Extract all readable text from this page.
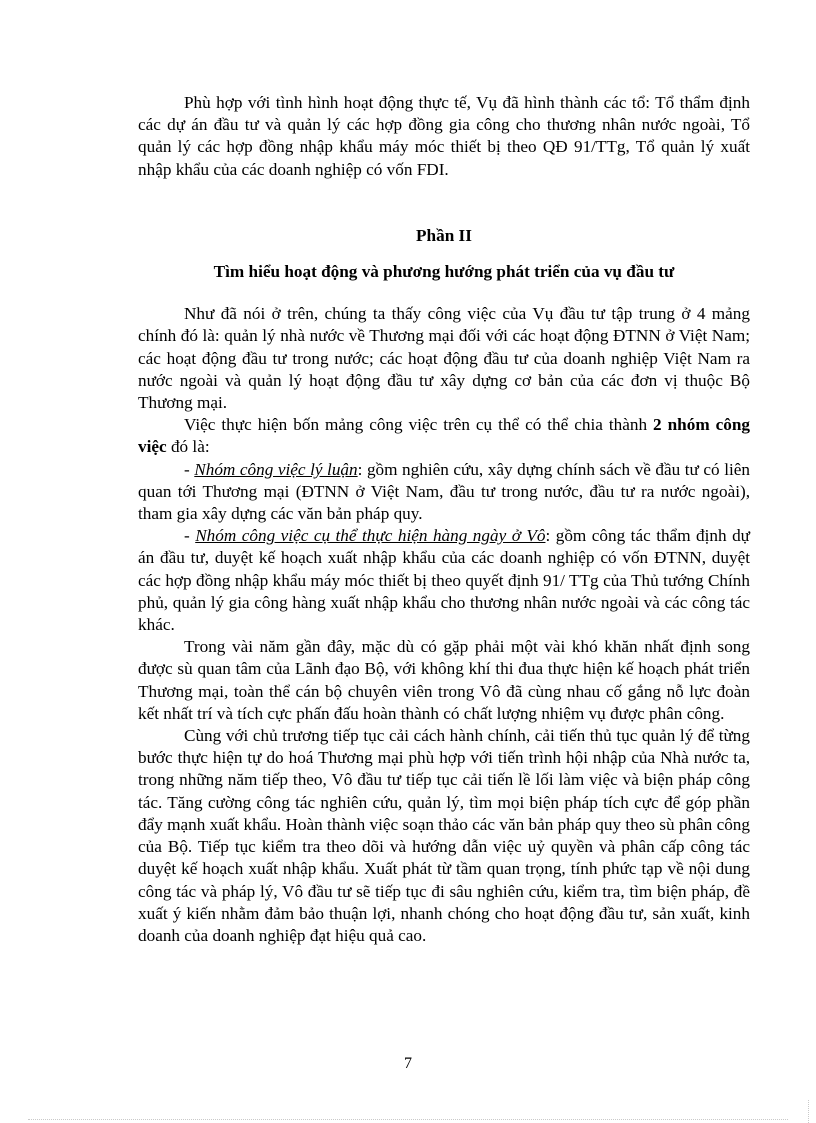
Phù hợp với tình hình hoạt động thực tế, Vụ đã hình thành các tổ: Tổ thẩm định các dự án đầu tư và quản lý các hợp đồng gia công cho thương nhân nước ngoài, Tổ quản lý các hợp đồng nhập khẩu máy móc thiết bị theo QĐ 91/TTg, Tổ quản lý xuất nhập khẩu của các doanh nghiệp có vốn FDI.

Phần II

Tìm hiểu hoạt động và phương hướng phát triển của vụ đầu tư

Như đã nói ở trên, chúng ta thấy công việc của Vụ đầu tư tập trung ở 4 mảng chính đó là: quản lý nhà nước về Thương mại đối với các hoạt động ĐTNN ở Việt Nam; các hoạt động đầu tư trong nước; các hoạt động đầu tư của doanh nghiệp Việt Nam ra nước ngoài và quản lý hoạt động đầu tư xây dựng cơ bản của các đơn vị thuộc Bộ Thương mại.

Việc thực hiện bốn mảng công việc trên cụ thể có thể chia thành 2 nhóm công việc đó là:

- Nhóm công việc lý luận: gồm nghiên cứu, xây dựng chính sách về đầu tư có liên quan tới Thương mại (ĐTNN ở Việt Nam, đầu tư trong nước, đầu tư ra nước ngoài), tham gia xây dựng các văn bản pháp quy.

- Nhóm công việc cụ thể thực hiện hàng ngày ở Vô: gồm công tác thẩm định dự án đầu tư, duyệt kế hoạch xuất nhập khẩu của các doanh nghiệp có vốn ĐTNN, duyệt các hợp đồng nhập khẩu máy móc thiết bị theo quyết định 91/ TTg của Thủ tướng Chính phủ, quản lý gia công hàng xuất nhập khẩu cho thương nhân nước ngoài và các công tác khác.

Trong vài năm gần đây, mặc dù có gặp phải một vài khó khăn nhất định song được sù quan tâm của Lãnh đạo Bộ, với không khí thi đua thực hiện kế hoạch phát triển Thương mại, toàn thể cán bộ chuyên viên trong Vô đã cùng nhau cố gắng nỗ lực đoàn kết nhất trí và tích cực phấn đấu hoàn thành có chất lượng nhiệm vụ được phân công.

Cùng với chủ trương tiếp tục cải cách hành chính, cải tiến thủ tục quản lý để từng bước thực hiện tự do hoá Thương mại phù hợp với tiến trình hội nhập của Nhà nước ta, trong những năm tiếp theo, Vô đầu tư tiếp tục cải tiến lề lối làm việc và biện pháp công tác. Tăng cường công tác nghiên cứu, quản lý, tìm mọi biện pháp tích cực để góp phần đẩy mạnh xuất khẩu. Hoàn thành việc soạn thảo các văn bản pháp quy theo sù phân công của Bộ. Tiếp tục kiểm tra theo dõi và hướng dẫn việc uỷ quyền và phân cấp công tác duyệt kế hoạch xuất nhập khẩu. Xuất phát từ tầm quan trọng, tính phức tạp về nội dung công tác và pháp lý, Vô đầu tư sẽ tiếp tục đi sâu nghiên cứu, kiểm tra, tìm biện pháp, đề xuất ý kiến nhằm đảm bảo thuận lợi, nhanh chóng cho hoạt động đầu tư, sản xuất, kinh doanh của doanh nghiệp đạt hiệu quả cao.

7
